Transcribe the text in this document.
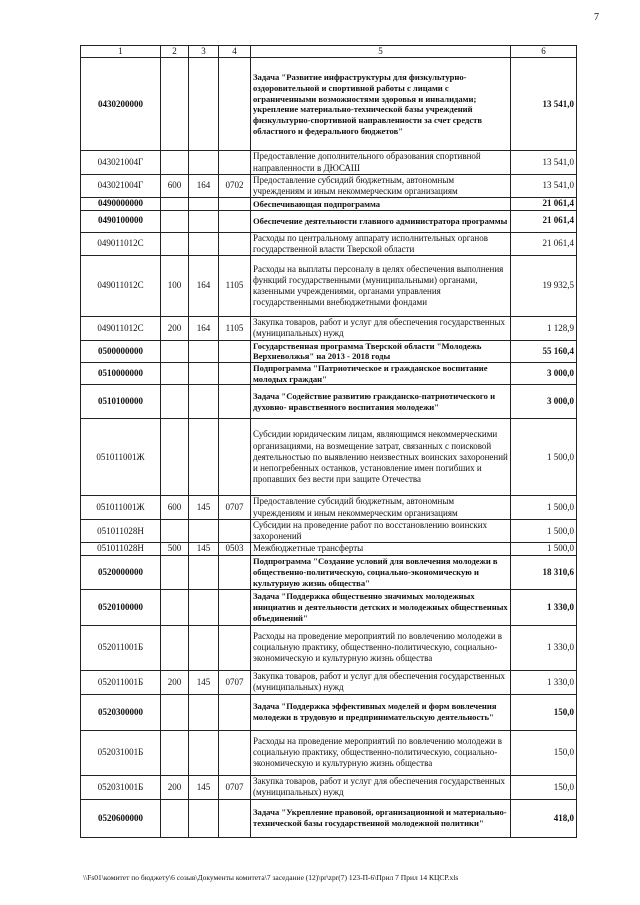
7
1	2	3	4	5	6
0430200000				Задача "Развитие инфраструктуры для физкультурно-оздоровительной и спортивной работы с лицами с ограниченными возможностями здоровья и инвалидами; укрепление материально-технической базы учреждений физкультурно-спортивной направленности за счет средств областного и федерального бюджетов"	13 541,0
043021004Г				Предоставление дополнительного образования спортивной направленности в ДЮСАШ	13 541,0
043021004Г	600	164	0702	Предоставление субсидий бюджетным, автономным учреждениям и иным некоммерческим организациям	13 541,0
0490000000				Обеспечивающая подпрограмма	21 061,4
0490100000				Обеспечение деятельности главного администратора программы	21 061,4
049011012С				Расходы по центральному аппарату исполнительных органов государственной власти Тверской области	21 061,4
049011012С	100	164	1105	Расходы на выплаты персоналу в целях обеспечения выполнения функций государственными (муниципальными) органами, казенными учреждениями, органами управления государственными внебюджетными фондами	19 932,5
049011012С	200	164	1105	Закупка товаров, работ и услуг для обеспечения государственных (муниципальных) нужд	1 128,9
0500000000				Государственная программа Тверской области "Молодежь Верхневолжья" на 2013 - 2018 годы	55 160,4
0510000000				Подпрограмма "Патриотическое и гражданское воспитание молодых граждан"	3 000,0
0510100000				Задача "Содействие развитию гражданско-патриотического и духовно- нравственного воспитания молодежи"	3 000,0
051011001Ж				Субсидии юридическим лицам, являющимся некоммерческими организациями, на возмещение затрат, связанных с поисковой деятельностью по выявлению неизвестных воинских захоронений и непогребенных останков, установление имен погибших и пропавших без вести при защите Отечества	1 500,0
051011001Ж	600	145	0707	Предоставление субсидий бюджетным, автономным учреждениям и иным некоммерческим организациям	1 500,0
051011028Н				Субсидии на проведение работ по восстановлению воинских захоронений	1 500,0
051011028Н	500	145	0503	Межбюджетные трансферты	1 500,0
0520000000				Подпрограмма "Создание условий для вовлечения молодежи в общественно-политическую, социально-экономическую и культурную жизнь общества"	18 310,6
0520100000				Задача "Поддержка общественно значимых молодежных инициатив и деятельности детских и молодежных общественных объединений"	1 330,0
052011001Б				Расходы на проведение мероприятий по вовлечению молодежи в социальную практику, общественно-политическую, социально-экономическую и культурную жизнь общества	1 330,0
052011001Б	200	145	0707	Закупка товаров, работ и услуг для обеспечения государственных (муниципальных) нужд	1 330,0
0520300000				Задача "Поддержка эффективных моделей и форм вовлечения молодежи в трудовую и предпринимательскую деятельность"	150,0
052031001Б				Расходы на проведение мероприятий по вовлечению молодежи в социальную практику, общественно-политическую, социально-экономическую и культурную жизнь общества	150,0
052031001Б	200	145	0707	Закупка товаров, работ и услуг для обеспечения государственных (муниципальных) нужд	150,0
0520600000				Задача "Укрепление правовой, организационной и материально-технической базы государственной молодежной политики"	418,0
\\Fs01\комитет по бюджету\6 созыв\Документы комитета\7 заседание (12)\pr\zpr(7) 123-П-6\Прил 7 Прил 14 КЦСР.xls
